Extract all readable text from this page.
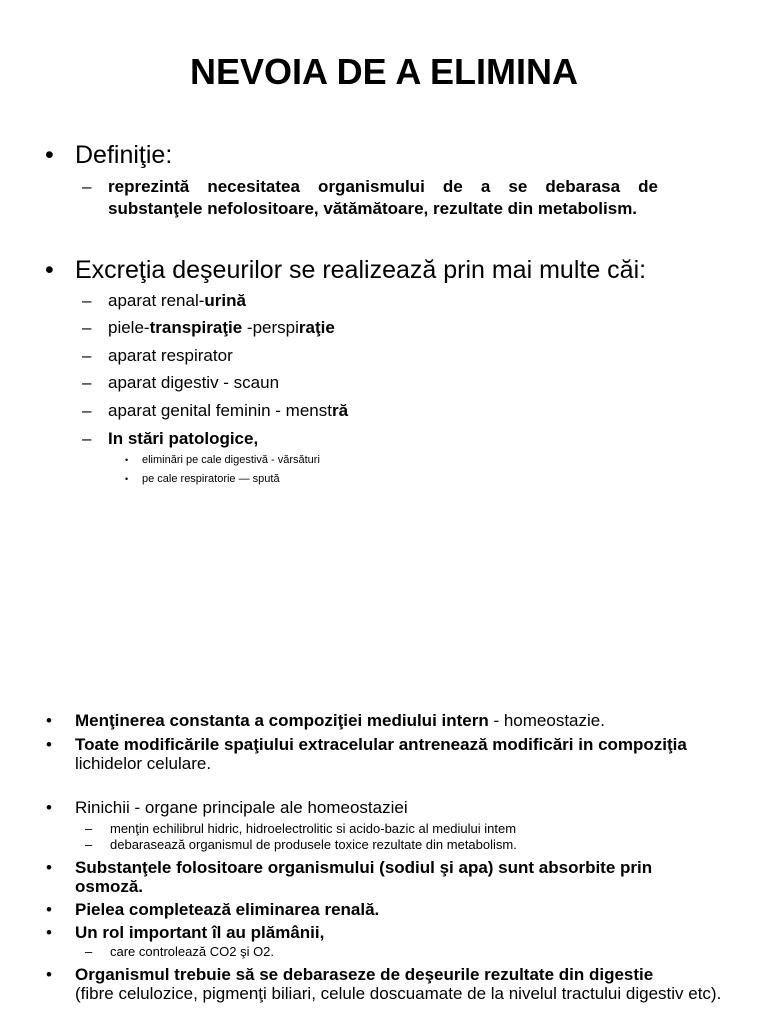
NEVOIA DE A ELIMINA
• Definiţie:
– reprezintă necesitatea organismului de a se debarasa de substanţele nefolositoare, vătămătoare, rezultate din metabolism.
• Excreţia deşeurilor se realizează prin mai multe căi:
– aparat renal-urină
– piele-transpiraţie -perspiraţie
– aparat respirator
– aparat digestiv - scaun
– aparat genital feminin - menstră
– In stări patologice,
• eliminări pe cale digestivă - vărsături
• pe cale respiratorie — spută
• Menţinerea constanta a compoziţiei mediului intern - homeostazie.
• Toate modificările spaţiului extracelular antrenează modificări in compoziţia
lichidelor celulare.
• Rinichii - organe principale ale homeostaziei
– menţin echilibrul hidric, hidroelectrolitic si acido-bazic al mediului intem
– debarasează organismul de produsele toxice rezultate din metabolism.
• Substanţele folositoare organismului (sodiul şi apa) sunt absorbite prin osmoză.
• Pielea completează eliminarea renală.
• Un rol important îl au plămânii,
– care controlează CO2 şi O2.
• Organismul trebuie să se debaraseze de deşeurile rezultate din digestie
(fibre celulozice, pigmenţi biliari, celule doscuamate de la nivelul tractului digestiv etc).
